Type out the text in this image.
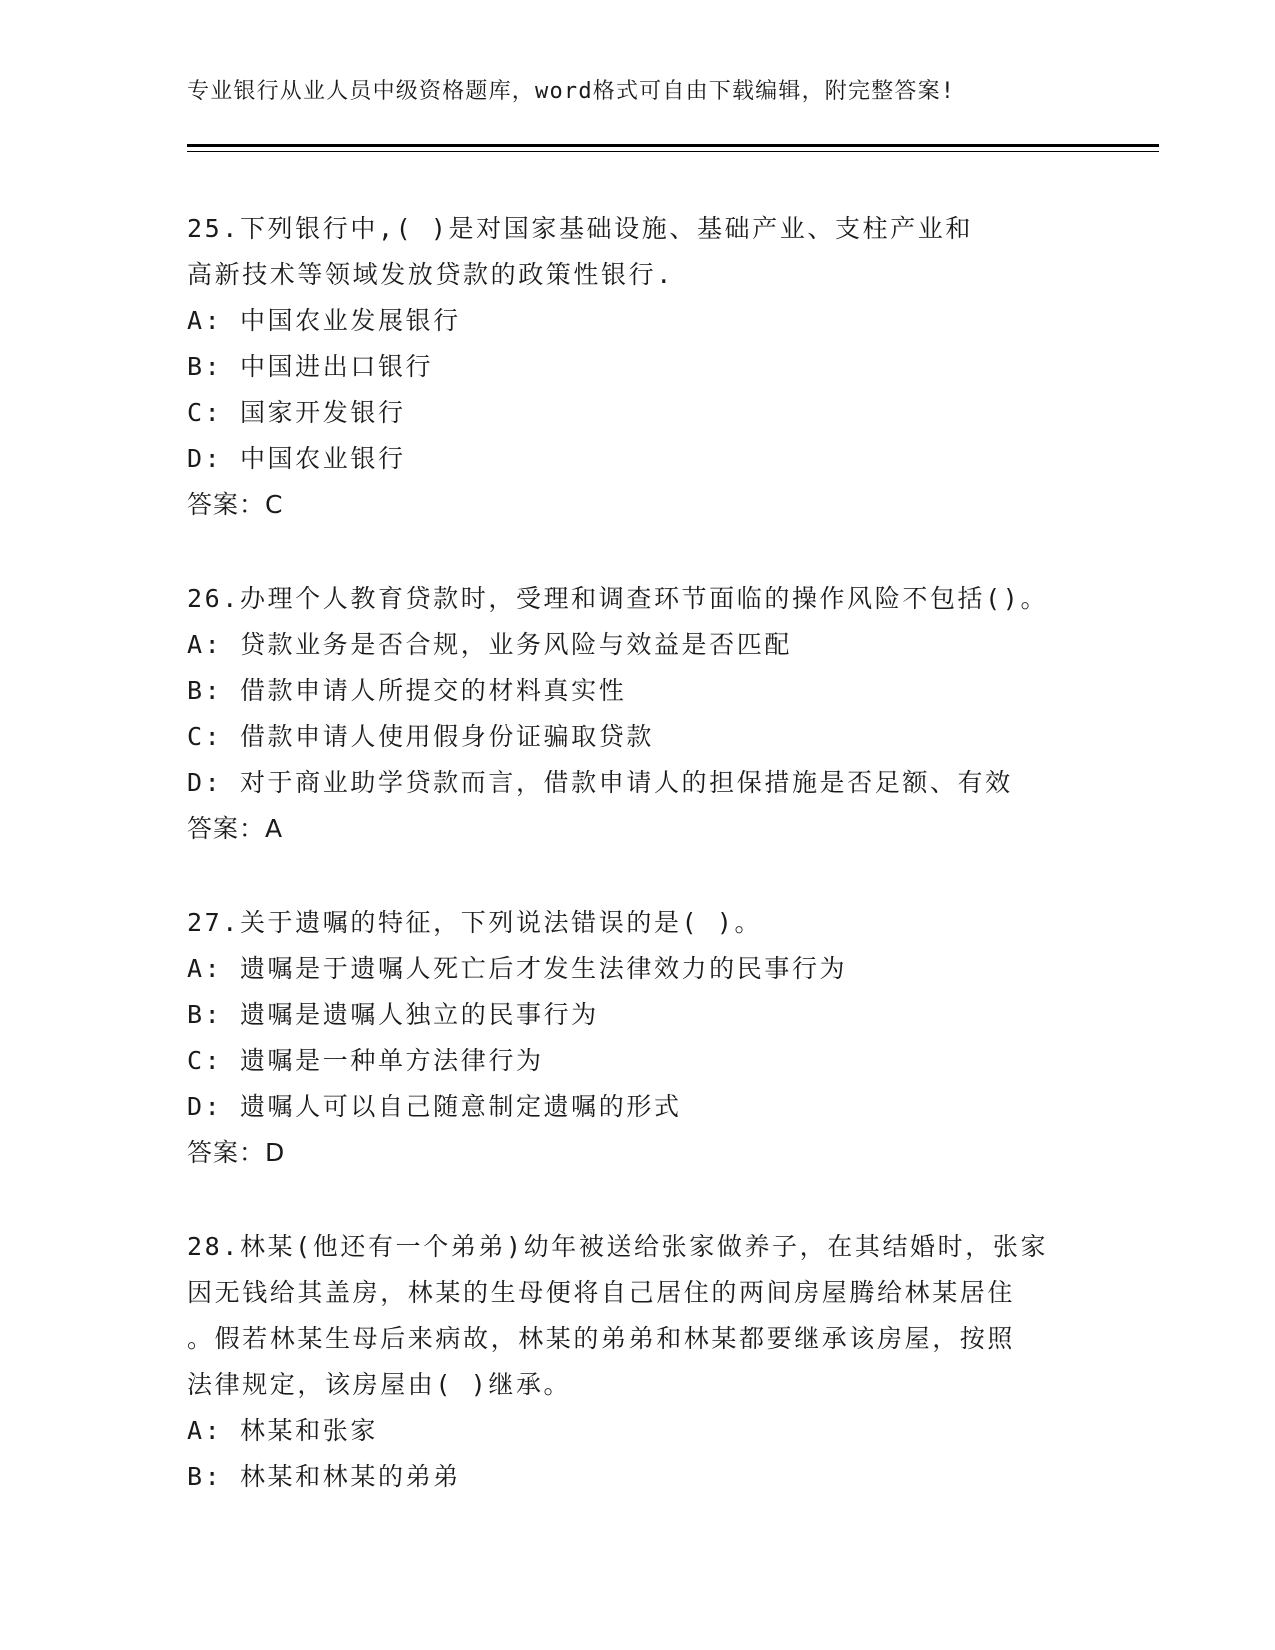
专业银行从业人员中级资格题库，word格式可自由下载编辑，附完整答案!
25.下列银行中,( )是对国家基础设施、基础产业、支柱产业和
高新技术等领域发放贷款的政策性银行.
A: 中国农业发展银行
B: 中国进出口银行
C: 国家开发银行
D: 中国农业银行
答案：C
26.办理个人教育贷款时，受理和调查环节面临的操作风险不包括()。
A: 贷款业务是否合规，业务风险与效益是否匹配
B: 借款申请人所提交的材料真实性
C: 借款申请人使用假身份证骗取贷款
D: 对于商业助学贷款而言，借款申请人的担保措施是否足额、有效
答案：A
27.关于遗嘱的特征，下列说法错误的是( )。
A: 遗嘱是于遗嘱人死亡后才发生法律效力的民事行为
B: 遗嘱是遗嘱人独立的民事行为
C: 遗嘱是一种单方法律行为
D: 遗嘱人可以自己随意制定遗嘱的形式
答案：D
28.林某(他还有一个弟弟)幼年被送给张家做养子，在其结婚时，张家
因无钱给其盖房，林某的生母便将自己居住的两间房屋腾给林某居住
。假若林某生母后来病故，林某的弟弟和林某都要继承该房屋，按照
法律规定，该房屋由( )继承。
A: 林某和张家
B: 林某和林某的弟弟
